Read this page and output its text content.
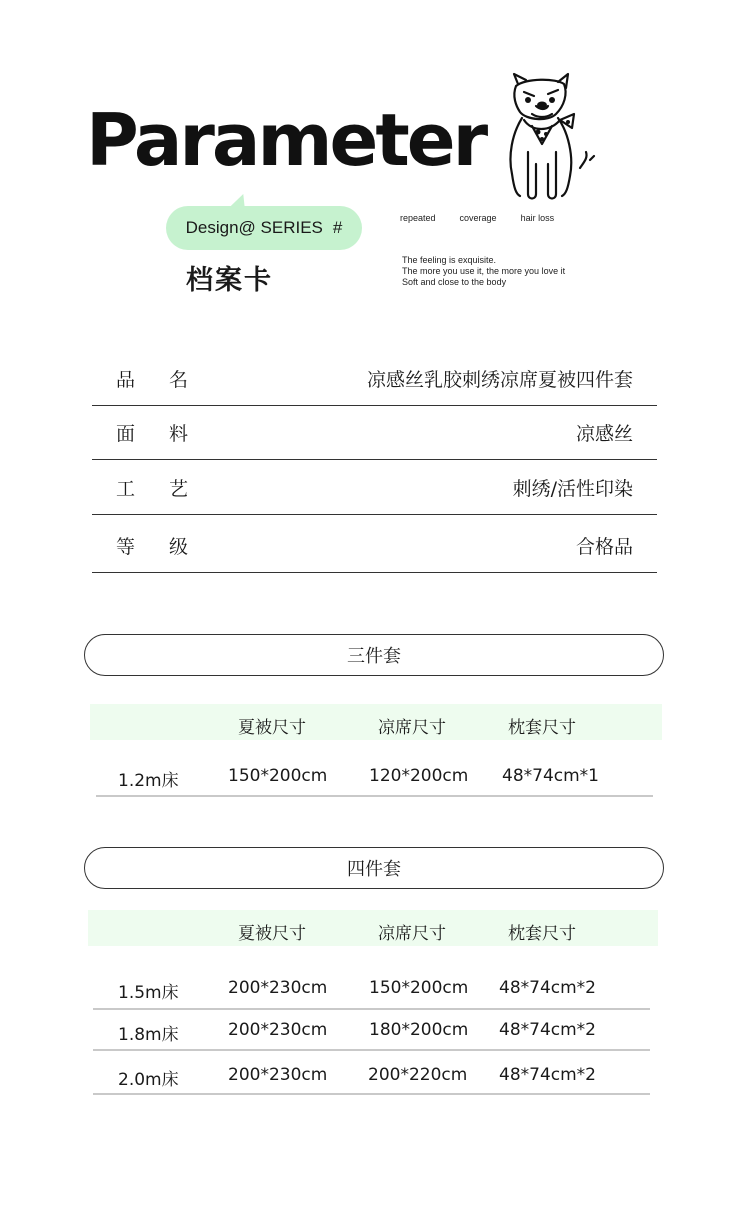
Parameter
Design@ SERIES #
档案卡
repeated	coverage	hair loss
The feeling is exquisite.
The more you use it, the more you love it
Soft and close to the body
品 名	凉感丝乳胶刺绣凉席夏被四件套
面 料	凉感丝
工 艺	刺绣/活性印染
等 级	合格品
三件套
夏被尺寸	凉席尺寸	枕套尺寸
1.2m床	150*200cm 120*200cm 48*74cm*1
四件套
夏被尺寸	凉席尺寸	枕套尺寸
1.5m床	200*230cm 150*200cm 48*74cm*2
1.8m床	200*230cm 180*200cm 48*74cm*2
2.0m床	200*230cm 200*220cm 48*74cm*2
